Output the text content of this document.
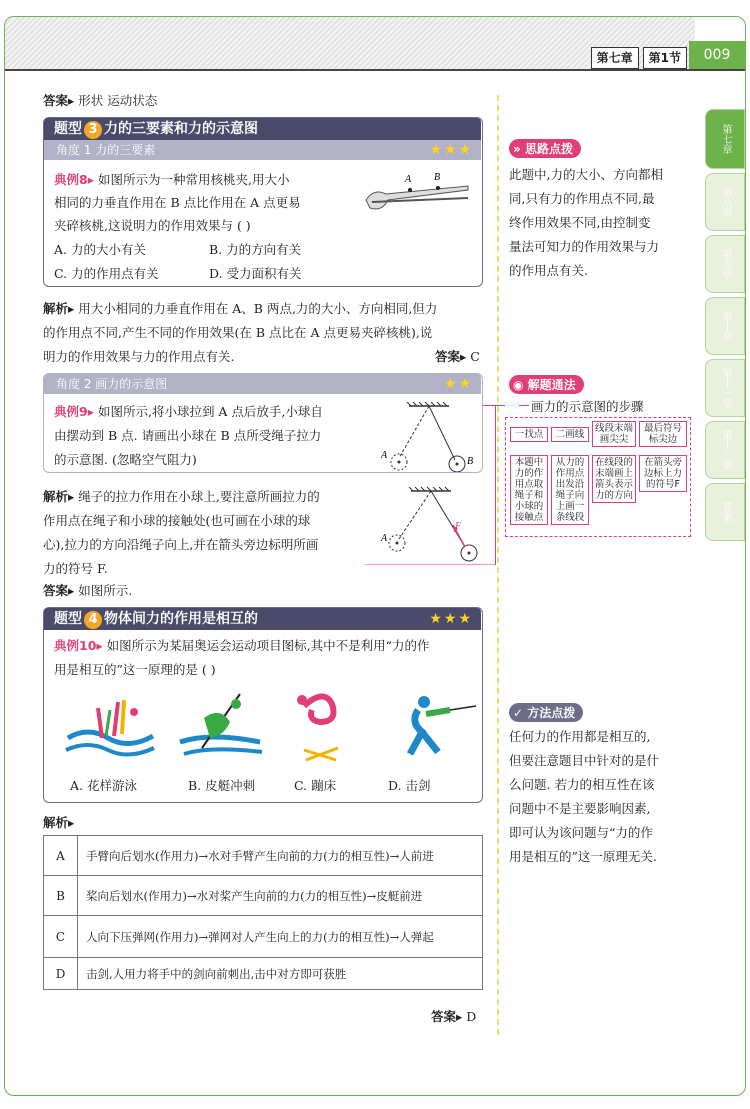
第七章	第1节	009
第七章
第八章
第九章
第十章
第十一章
第十二章
答案
答案▸ 形状 运动状态
题型 3 力的三要素和力的示意图
角度 1 力的三要素	★★★
典例8▸ 如图所示为一种常用核桃夹,用大小
相同的力垂直作用在 B 点比作用在 A 点更易
夹碎核桃,这说明力的作用效果与 ( )
A. 力的大小有关	B. 力的方向有关
C. 力的作用点有关	D. 受力面积有关
A B
解析▸ 用大小相同的力垂直作用在 A、B 两点,力的大小、方向相同,但力
的作用点不同,产生不同的作用效果(在 B 点比在 A 点更易夹碎核桃),说
明力的作用效果与力的作用点有关.	答案▸ C
角度 2 画力的示意图	★★
典例9▸ 如图所示,将小球拉到 A 点后放手,小球自
由摆动到 B 点. 请画出小球在 B 点所受绳子拉力
的示意图. (忽略空气阻力)	A
B
解析▸ 绳子的拉力作用在小球上,要注意所画拉力的
作用点在绳子和小球的接触处(也可画在小球的球
心),拉力的方向沿绳子向上,并在箭头旁边标明所画
力的符号 F.
F
A
答案▸ 如图所示.
题型 4 物体间力的作用是相互的	★★★
典例10▸ 如图所示为某届奥运会运动项目图标,其中不是利用“力的作
用是相互的”这一原理的是 ( )
A. 花样游泳	B. 皮艇冲刺	C. 蹦床	D. 击剑
解析▸
A	手臂向后划水(作用力)→水对手臂产生向前的力(力的相互性)→人前进
B	桨向后划水(作用力)→水对桨产生向前的力(力的相互性)→皮艇前进
C	人向下压弹网(作用力)→弹网对人产生向上的力(力的相互性)→人弹起
D	击剑,人用力将手中的剑向前刺出,击中对方即可获胜
答案▸ D
» 思路点拨
此题中,力的大小、方向都相
同,只有力的作用点不同,最
终作用效果不同,由控制变
量法可知力的作用效果与力
的作用点有关.
◉ 解题通法
画力的示意图的步骤
一找点	二画线
线段末端画尖尖
最后符号标尖边
本题中力的作用点取绳子和小球的接触点
从力的作用点出发沿绳子向上画一条线段
在线段的末端画上箭头表示力的方向
在箭头旁边标上力的符号F
✓ 方法点拨
任何力的作用都是相互的,
但要注意题目中针对的是什
么问题. 若力的相互性在该
问题中不是主要影响因素,
即可认为该问题与“力的作
用是相互的”这一原理无关.
